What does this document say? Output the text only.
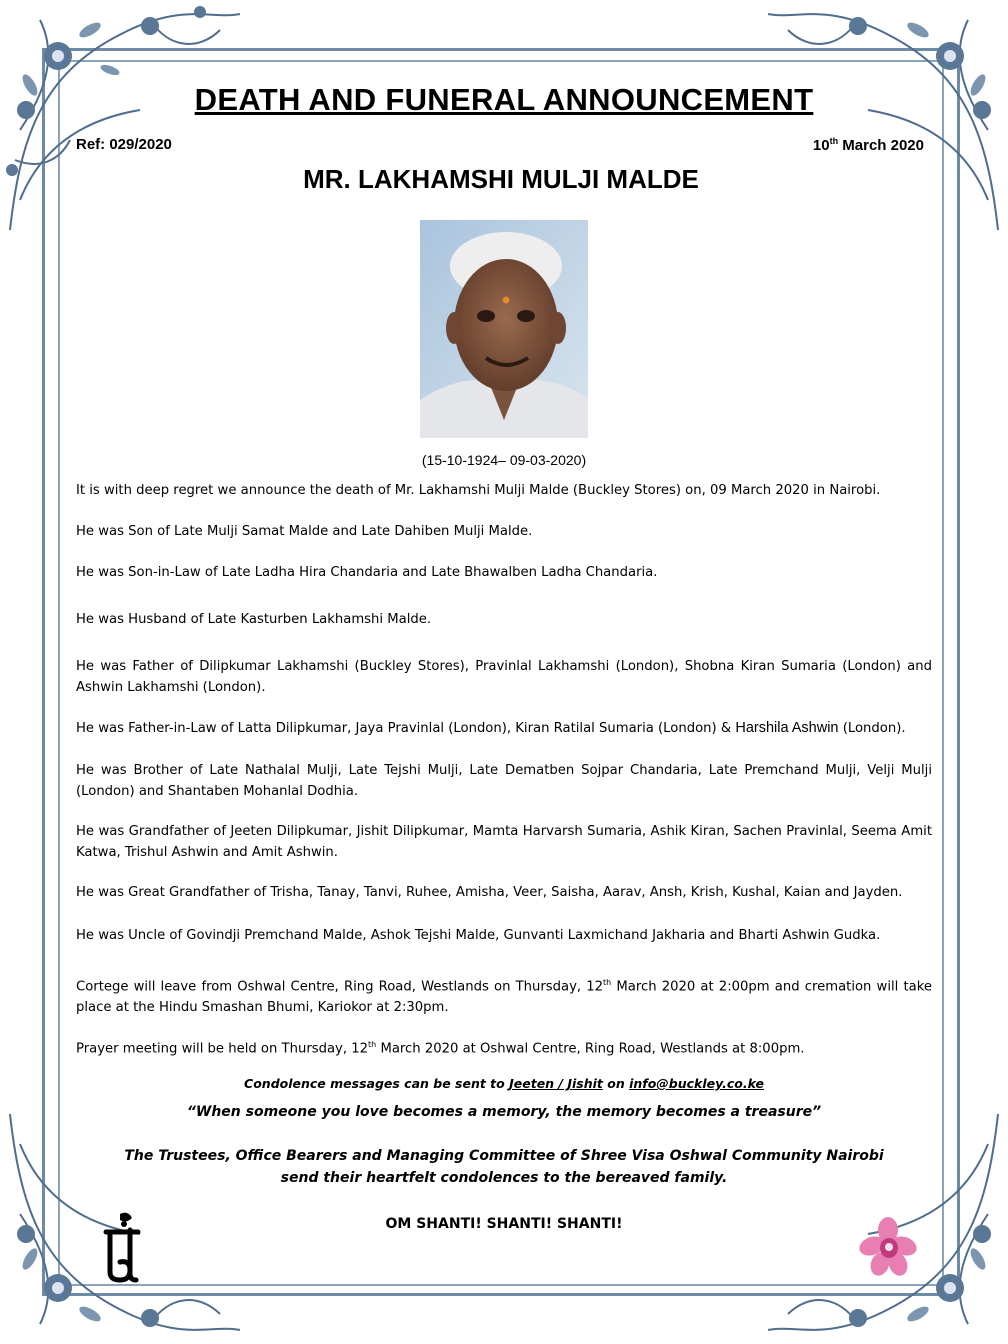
DEATH AND FUNERAL ANNOUNCEMENT
Ref: 029/2020	10th March 2020
MR. LAKHAMSHI MULJI MALDE
(15-10-1924– 09-03-2020)

It is with deep regret we announce the death of Mr. Lakhamshi Mulji Malde (Buckley Stores) on, 09 March 2020 in Nairobi.

He was Son of Late Mulji Samat Malde and Late Dahiben Mulji Malde.

He was Son-in-Law of Late Ladha Hira Chandaria and Late Bhawalben Ladha Chandaria.

He was Husband of Late Kasturben Lakhamshi Malde.

He was Father of Dilipkumar Lakhamshi (Buckley Stores), Pravinlal Lakhamshi (London), Shobna Kiran Sumaria (London) and Ashwin Lakhamshi (London).

He was Father-in-Law of Latta Dilipkumar, Jaya Pravinlal (London), Kiran Ratilal Sumaria (London) & Harshila Ashwin (London).

He was Brother of Late Nathalal Mulji, Late Tejshi Mulji, Late Dematben Sojpar Chandaria, Late Premchand Mulji, Velji Mulji (London) and Shantaben Mohanlal Dodhia.

He was Grandfather of Jeeten Dilipkumar, Jishit Dilipkumar, Mamta Harvarsh Sumaria, Ashik Kiran, Sachen Pravinlal, Seema Amit Katwa, Trishul Ashwin and Amit Ashwin.

He was Great Grandfather of Trisha, Tanay, Tanvi, Ruhee, Amisha, Veer, Saisha, Aarav, Ansh, Krish, Kushal, Kaian and Jayden.

He was Uncle of Govindji Premchand Malde, Ashok Tejshi Malde, Gunvanti Laxmichand Jakharia and Bharti Ashwin Gudka.

Cortege will leave from Oshwal Centre, Ring Road, Westlands on Thursday, 12th March 2020 at 2:00pm and cremation will take place at the Hindu Smashan Bhumi, Kariokor at 2:30pm.

Prayer meeting will be held on Thursday, 12th March 2020 at Oshwal Centre, Ring Road, Westlands at 8:00pm.

Condolence messages can be sent to Jeeten / Jishit on info@buckley.co.ke
“When someone you love becomes a memory, the memory becomes a treasure”
The Trustees, Office Bearers and Managing Committee of Shree Visa Oshwal Community Nairobi
send their heartfelt condolences to the bereaved family.
OM SHANTI! SHANTI! SHANTI!
